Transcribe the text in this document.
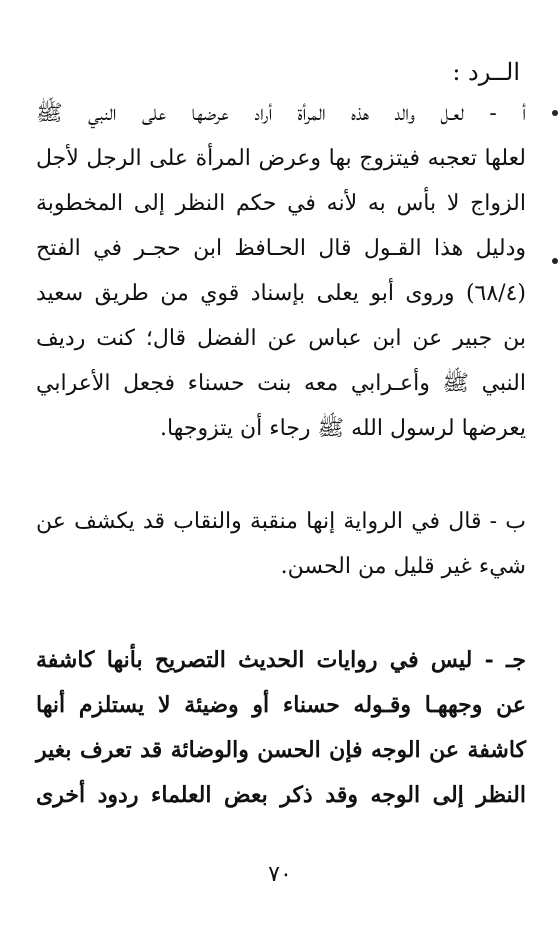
الــرد :
أ - لعـل والد هذه المرأة أراد عرضها على النبي ﷺ
لعلها تعجبه فيتزوج بها وعرض المرأة على الرجل لأجل
الزواج لا بأس به لأنه في حكم النظر إلى المخطوبة
ودليل هذا القـول قال الحـافظ ابن حجـر في الفتح
(٦٨/٤) وروى أبو يعلى بإسناد قوي من طريق سعيد
بن جبير عن ابن عباس عن الفضل قال؛ كنت رديف
النبي ﷺ وأعـرابي معه بنت حسناء فجعل الأعرابي
يعرضها لرسول الله ﷺ رجاء أن يتزوجها.
ب - قال في الرواية إنها منقبة والنقاب قد يكشف عن
شيء غير قليل من الحسن.
جـ - ليس في روايات الحديث التصريح بأنها كاشفة
عن وجههـا وقـوله حسناء أو وضيئة لا يستلزم أنها
كاشفة عن الوجه فإن الحسن والوضائة قد تعرف بغير
النظر إلى الوجه وقد ذكر بعض العلماء ردود أخرى
٧٠
